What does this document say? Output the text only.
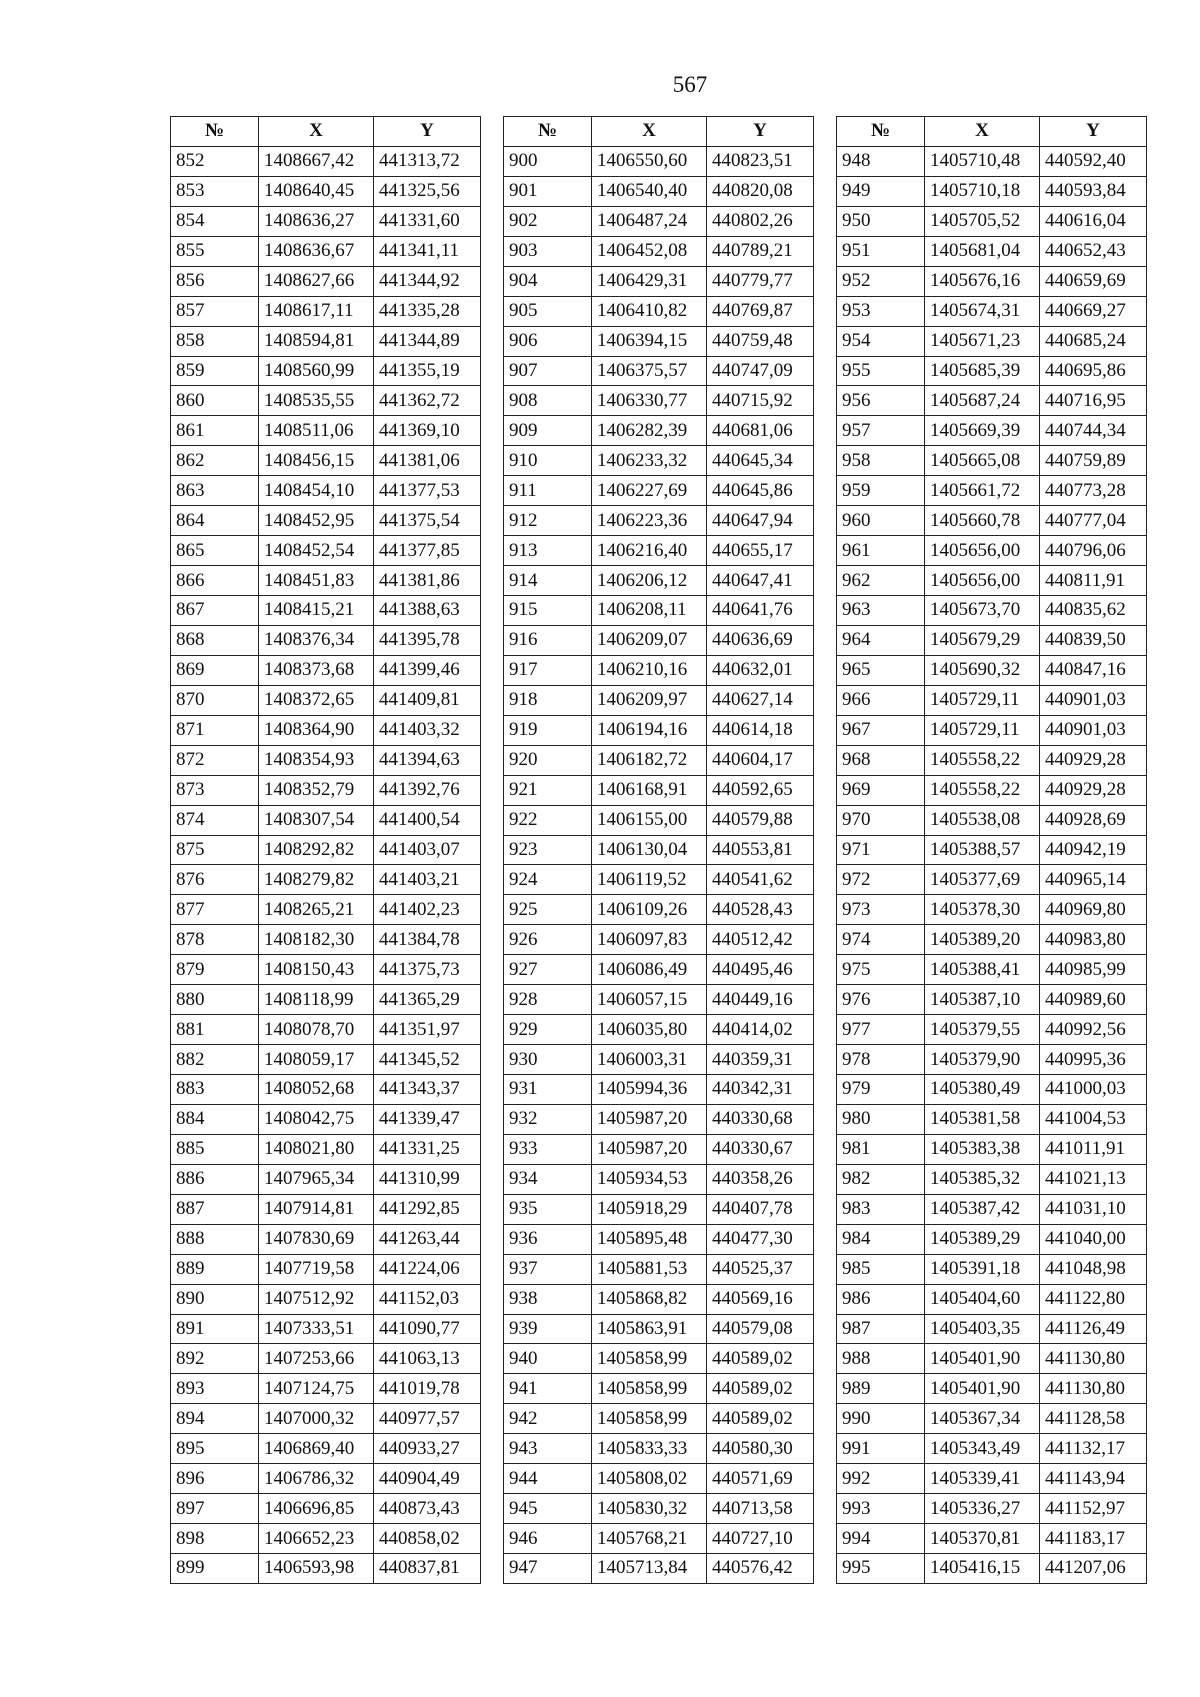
567
№	X	Y
852	1408667,42	441313,72
853	1408640,45	441325,56
854	1408636,27	441331,60
855	1408636,67	441341,11
856	1408627,66	441344,92
857	1408617,11	441335,28
858	1408594,81	441344,89
859	1408560,99	441355,19
860	1408535,55	441362,72
861	1408511,06	441369,10
862	1408456,15	441381,06
863	1408454,10	441377,53
864	1408452,95	441375,54
865	1408452,54	441377,85
866	1408451,83	441381,86
867	1408415,21	441388,63
868	1408376,34	441395,78
869	1408373,68	441399,46
870	1408372,65	441409,81
871	1408364,90	441403,32
872	1408354,93	441394,63
873	1408352,79	441392,76
874	1408307,54	441400,54
875	1408292,82	441403,07
876	1408279,82	441403,21
877	1408265,21	441402,23
878	1408182,30	441384,78
879	1408150,43	441375,73
880	1408118,99	441365,29
881	1408078,70	441351,97
882	1408059,17	441345,52
883	1408052,68	441343,37
884	1408042,75	441339,47
885	1408021,80	441331,25
886	1407965,34	441310,99
887	1407914,81	441292,85
888	1407830,69	441263,44
889	1407719,58	441224,06
890	1407512,92	441152,03
891	1407333,51	441090,77
892	1407253,66	441063,13
893	1407124,75	441019,78
894	1407000,32	440977,57
895	1406869,40	440933,27
896	1406786,32	440904,49
897	1406696,85	440873,43
898	1406652,23	440858,02
899	1406593,98	440837,81
№	X	Y
900	1406550,60	440823,51
901	1406540,40	440820,08
902	1406487,24	440802,26
903	1406452,08	440789,21
904	1406429,31	440779,77
905	1406410,82	440769,87
906	1406394,15	440759,48
907	1406375,57	440747,09
908	1406330,77	440715,92
909	1406282,39	440681,06
910	1406233,32	440645,34
911	1406227,69	440645,86
912	1406223,36	440647,94
913	1406216,40	440655,17
914	1406206,12	440647,41
915	1406208,11	440641,76
916	1406209,07	440636,69
917	1406210,16	440632,01
918	1406209,97	440627,14
919	1406194,16	440614,18
920	1406182,72	440604,17
921	1406168,91	440592,65
922	1406155,00	440579,88
923	1406130,04	440553,81
924	1406119,52	440541,62
925	1406109,26	440528,43
926	1406097,83	440512,42
927	1406086,49	440495,46
928	1406057,15	440449,16
929	1406035,80	440414,02
930	1406003,31	440359,31
931	1405994,36	440342,31
932	1405987,20	440330,68
933	1405987,20	440330,67
934	1405934,53	440358,26
935	1405918,29	440407,78
936	1405895,48	440477,30
937	1405881,53	440525,37
938	1405868,82	440569,16
939	1405863,91	440579,08
940	1405858,99	440589,02
941	1405858,99	440589,02
942	1405858,99	440589,02
943	1405833,33	440580,30
944	1405808,02	440571,69
945	1405830,32	440713,58
946	1405768,21	440727,10
947	1405713,84	440576,42
№	X	Y
948	1405710,48	440592,40
949	1405710,18	440593,84
950	1405705,52	440616,04
951	1405681,04	440652,43
952	1405676,16	440659,69
953	1405674,31	440669,27
954	1405671,23	440685,24
955	1405685,39	440695,86
956	1405687,24	440716,95
957	1405669,39	440744,34
958	1405665,08	440759,89
959	1405661,72	440773,28
960	1405660,78	440777,04
961	1405656,00	440796,06
962	1405656,00	440811,91
963	1405673,70	440835,62
964	1405679,29	440839,50
965	1405690,32	440847,16
966	1405729,11	440901,03
967	1405729,11	440901,03
968	1405558,22	440929,28
969	1405558,22	440929,28
970	1405538,08	440928,69
971	1405388,57	440942,19
972	1405377,69	440965,14
973	1405378,30	440969,80
974	1405389,20	440983,80
975	1405388,41	440985,99
976	1405387,10	440989,60
977	1405379,55	440992,56
978	1405379,90	440995,36
979	1405380,49	441000,03
980	1405381,58	441004,53
981	1405383,38	441011,91
982	1405385,32	441021,13
983	1405387,42	441031,10
984	1405389,29	441040,00
985	1405391,18	441048,98
986	1405404,60	441122,80
987	1405403,35	441126,49
988	1405401,90	441130,80
989	1405401,90	441130,80
990	1405367,34	441128,58
991	1405343,49	441132,17
992	1405339,41	441143,94
993	1405336,27	441152,97
994	1405370,81	441183,17
995	1405416,15	441207,06
